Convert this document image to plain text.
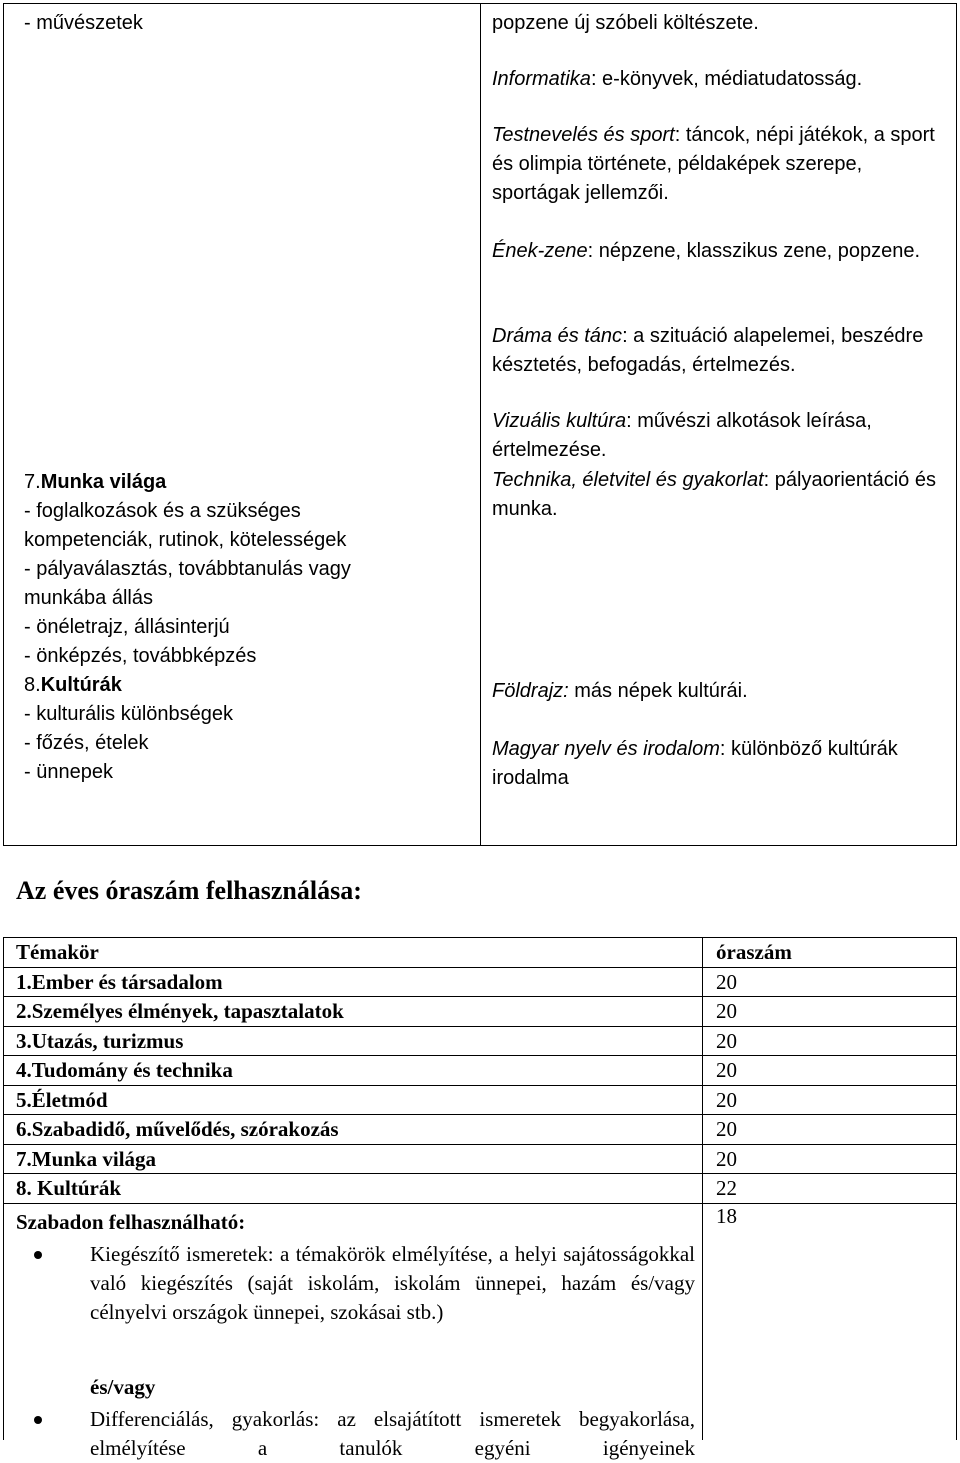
- művészetek
7.Munka világa
- foglalkozások és a szükséges
kompetenciák, rutinok, kötelességek
- pályaválasztás, továbbtanulás vagy
munkába állás
- önéletrajz, állásinterjú
- önképzés, továbbképzés
8.Kultúrák
- kulturális különbségek
- főzés, ételek
- ünnepek

popzene új szóbeli költészete.

Informatika: e-könyvek, médiatudatosság.

Testnevelés és sport: táncok, népi játékok, a sport és olimpia története, példaképek szerepe, sportágak jellemzői.

Ének-zene: népzene, klasszikus zene, popzene.

Dráma és tánc: a szituáció alapelemei, beszédre késztetés, befogadás, értelmezés.

Vizuális kultúra: művészi alkotások leírása, értelmezése.

Technika, életvitel és gyakorlat: pályaorientáció és munka.

Földrajz: más népek kultúrái.

Magyar nyelv és irodalom: különböző kultúrák irodalma

Az éves óraszám felhasználása:
Témakör	óraszám
1.Ember és társadalom	20
2.Személyes élmények, tapasztalatok	20
3.Utazás, turizmus	20
4.Tudomány és technika	20
5.Életmód	20
6.Szabadidő, művelődés, szórakozás	20
7.Munka világa	20
8. Kultúrák	22
Szabadon felhasználható:	18
Kiegészítő ismeretek: a témakörök elmélyítése, a helyi sajátosságokkal való kiegészítés (saját iskolám, iskolám ünnepei, hazám és/vagy célnyelvi országok ünnepei, szokásai stb.)
és/vagy
Differenciálás, gyakorlás: az elsajátított ismeretek begyakorlása, elmélyítése a tanulók egyéni igényeinek
